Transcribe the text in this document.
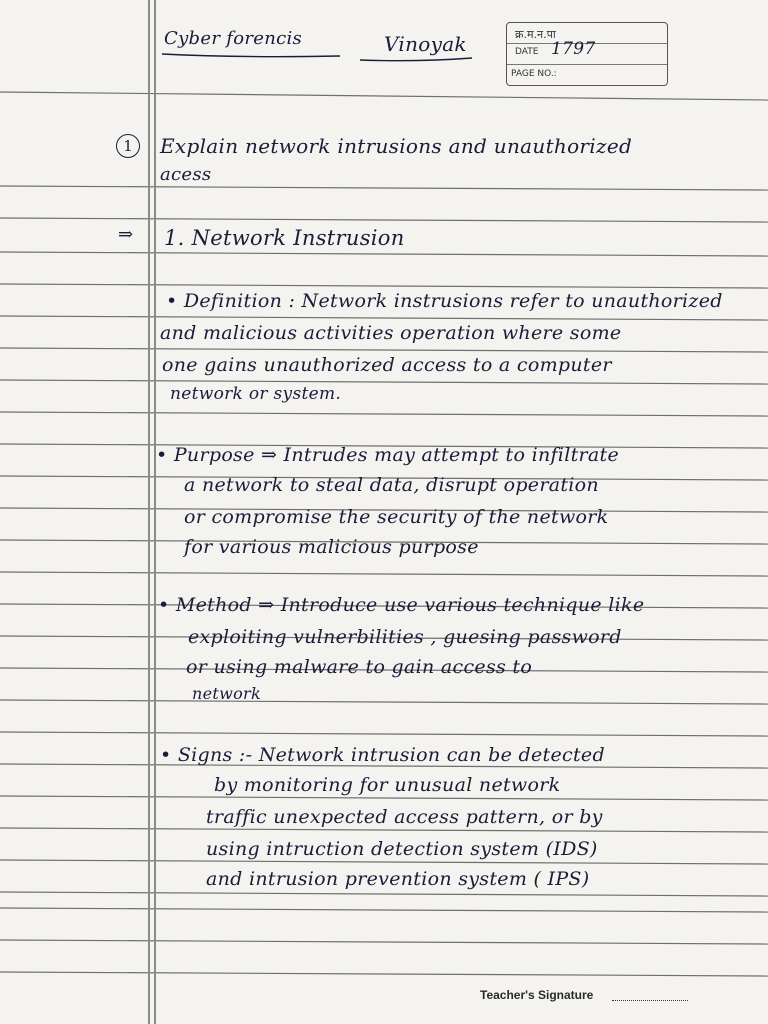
Cyber forencis	Vinoyak	क्र.म.न.पा
DATE 1797
PAGE NO.:
1	Explain network intrusions and unauthorized
acess
⇒ 1. Network Instrusion
• Definition : Network instrusions refer to unauthorized
and malicious activities operation where some
one gains unauthorized access to a computer
network or system.
• Purpose ⇒ Intrudes may attempt to infiltrate
a network to steal data, disrupt operation
or compromise the security of the network
for various malicious purpose
• Method ⇒ Introduce use various technique like
exploiting vulnerbilities , guesing password
or using malware to gain access to
network
• Signs :- Network intrusion can be detected
by monitoring for unusual network
traffic unexpected access pattern, or by
using intruction detection system (IDS)
and intrusion prevention system ( IPS)
Teacher's Signature
